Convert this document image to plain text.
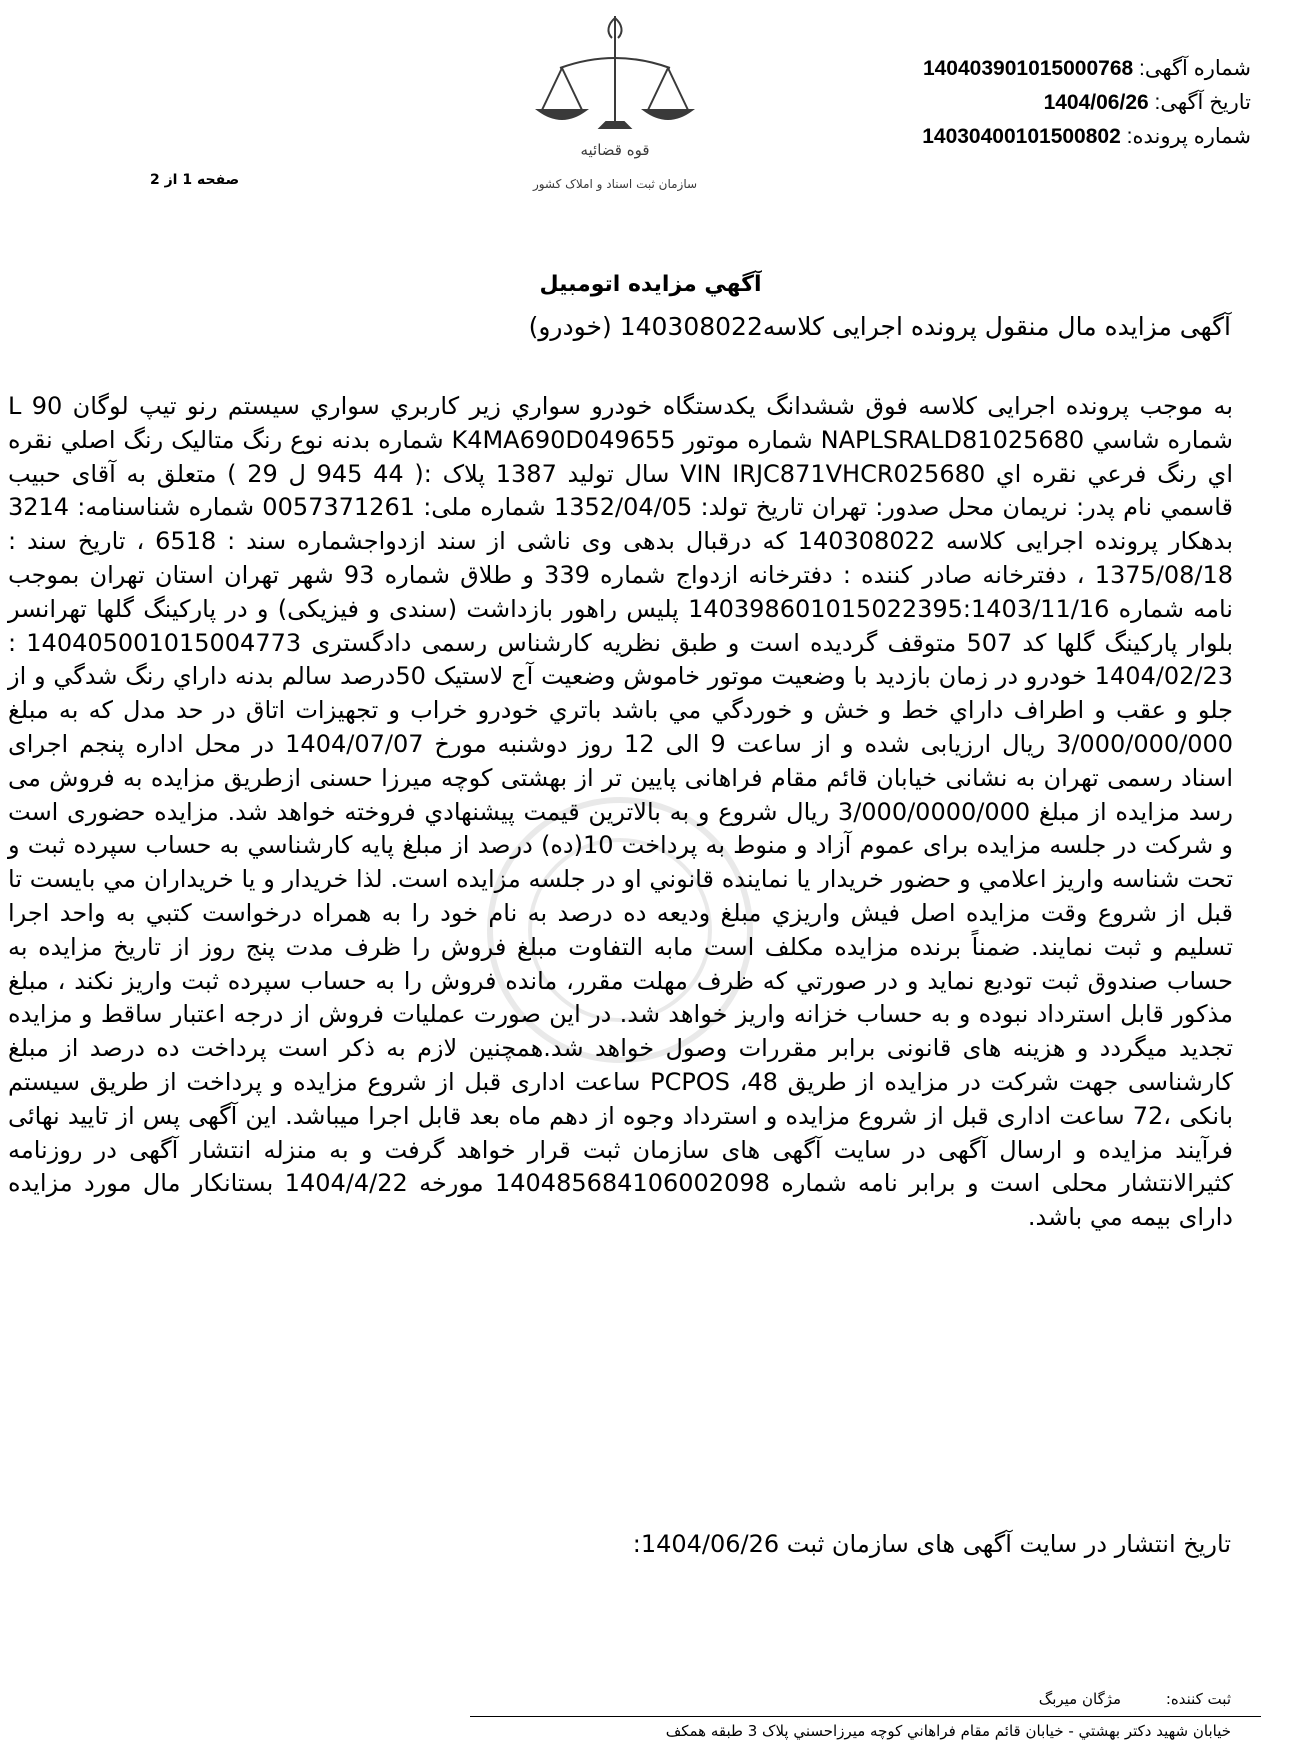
شماره آگهی: 140403901015000768
تاریخ آگهی: 1404/06/26
شماره پرونده: 14030400101500802
قوه قضائیه
سازمان ثبت اسناد و املاک کشور
صفحه 1 از 2
آگهي مزايده اتومبيل
آگهی مزایده مال منقول پرونده اجرایی کلاسه140308022 (خودرو)
به موجب پرونده اجرايی کلاسه فوق ششدانگ يکدستگاه خودرو سواري زير کاربري سواري سيستم رنو تيپ لوگان L 90 شماره شاسي NAPLSRALD81025680 شماره موتور K4MA690D049655 شماره بدنه نوع رنگ متاليک رنگ اصلي نقره اي رنگ فرعي نقره اي VIN IRJC871VHCR025680 سال توليد 1387 پلاک :( 44 945 ل 29 ) متعلق به آقای حبيب قاسمي نام پدر: نريمان محل صدور: تهران تاریخ تولد: 1352/04/05 شماره ملی: 0057371261 شماره شناسنامه: 3214 بدهکار پرونده اجرایی کلاسه 140308022 که درقبال بدهی وی ناشی از سند ازدواجشماره سند : 6518 ، تاریخ سند : 1375/08/18 ، دفترخانه صادر کننده : دفترخانه ازدواج شماره 339 و طلاق شماره 93 شهر تهران استان تهران بموجب نامه شماره 14039860101502239​5:1403/11/16 پلیس راهور بازداشت (سندی و فیزیکی) و در پارکینگ گلها تهرانسر بلوار پارکینگ گلها کد 507 متوقف گردیده است و طبق نظریه کارشناس رسمی دادگستری 140405001015004773 : 1404/02/23 خودرو در زمان بازدید با وضعيت موتور خاموش وضعيت آج لاستيک 50درصد سالم بدنه داراي رنگ شدگي و از جلو و عقب و اطراف داراي خط و خش و خوردگي مي باشد باتري خودرو خراب و تجهيزات اتاق در حد مدل که به مبلغ 3/000/000/000 ريال ارزيابی شده و از ساعت 9 الی 12 روز دوشنبه مورخ 1404/07/07 در محل اداره پنجم اجرای اسناد رسمی تهران به نشانی خیابان قائم مقام فراهانی پایین تر از بهشتی کوچه میرزا حسنی ازطريق مزايده به فروش می رسد مزايده از مبلغ 3/000/0000/000 ريال شروع و به بالاترين قيمت پيشنهادي فروخته خواهد شد. مزايده حضوری است و شرکت در جلسه مزايده برای عموم آزاد و منوط به پرداخت 10(ده) درصد از مبلغ پايه کارشناسي به حساب سپرده ثبت و تحت شناسه واريز اعلامي و حضور خريدار يا نماينده قانوني او در جلسه مزايده است. لذا خريدار و يا خريداران مي بايست تا قبل از شروع وقت مزايده اصل فيش واريزي مبلغ وديعه ده درصد به نام خود را به همراه درخواست کتبي به واحد اجرا تسليم و ثبت نمايند. ضمناً برنده مزايده مکلف است مابه التفاوت مبلغ فروش را ظرف مدت پنج روز از تاريخ مزايده به حساب صندوق ثبت توديع نمايد و در صورتي که ظرف مهلت مقرر، مانده فروش را به حساب سپرده ثبت واريز نکند ، مبلغ مذکور قابل استرداد نبوده و به حساب خزانه واريز خواهد شد. در اين صورت عمليات فروش از درجه اعتبار ساقط و مزايده تجديد ميگردد و هزينه های قانونی برابر مقررات وصول خواهد شد.همچنين لازم به ذکر است پرداخت ده درصد از مبلغ کارشناسی جهت شرکت در مزایده از طریق 48، PCPOS ساعت اداری قبل از شروع مزایده و پرداخت از طریق سیستم بانکی ،72 ساعت اداری قبل از شروع مزایده و استرداد وجوه از دهم ماه بعد قابل اجرا میباشد. این آگهی پس از تایید نهائی فرآیند مزایده و ارسال آگهی در سایت آگهی های سازمان ثبت قرار خواهد گرفت و به منزله انتشار آگهی در روزنامه کثیرالانتشار محلی است و برابر نامه شماره 14048568410600209​8 مورخه 1404/4/22 بستانکار مال مورد مزایده دارای بیمه مي باشد.
تاریخ انتشار در سایت آگهی های سازمان ثبت 1404/06/26:
ثبت کننده: مژگان میربگ
خيابان شهيد دکتر بهشتي - خيابان قائم مقام فراهاني کوچه ميرزاحسني پلاک 3 طبقه همکف
